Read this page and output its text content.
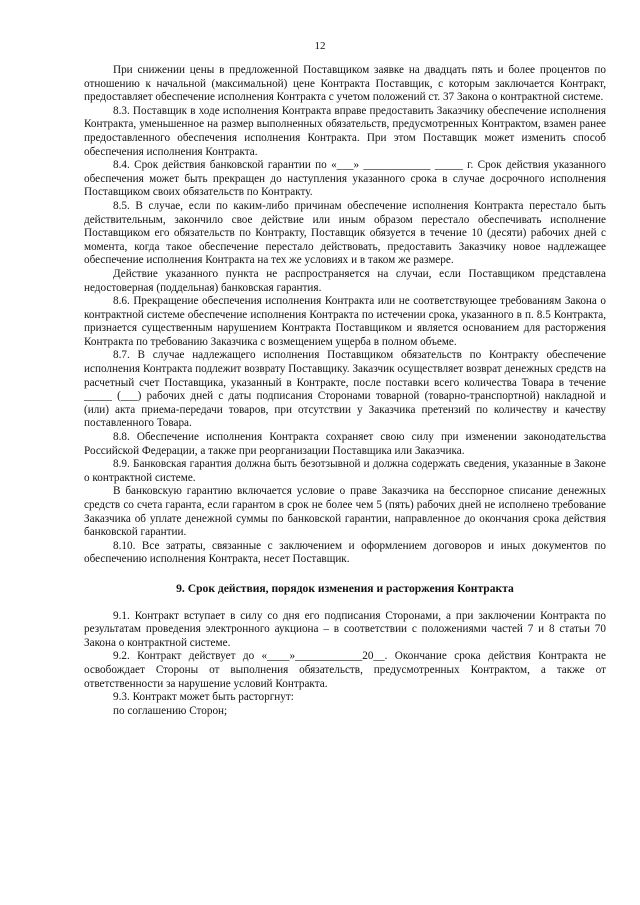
12

При снижении цены в предложенной Поставщиком заявке на двадцать пять и более процентов по отношению к начальной (максимальной) цене Контракта Поставщик, с которым заключается Контракт, предоставляет обеспечение исполнения Контракта с учетом положений ст. 37 Закона о контрактной системе.

8.3. Поставщик в ходе исполнения Контракта вправе предоставить Заказчику обеспечение исполнения Контракта, уменьшенное на размер выполненных обязательств, предусмотренных Контрактом, взамен ранее предоставленного обеспечения исполнения Контракта. При этом Поставщик может изменить способ обеспечения исполнения Контракта.

8.4. Срок действия банковской гарантии по «___» ____________ _____ г. Срок действия указанного обеспечения может быть прекращен до наступления указанного срока в случае досрочного исполнения Поставщиком своих обязательств по Контракту.

8.5. В случае, если по каким-либо причинам обеспечение исполнения Контракта перестало быть действительным, закончило свое действие или иным образом перестало обеспечивать исполнение Поставщиком его обязательств по Контракту, Поставщик обязуется в течение 10 (десяти) рабочих дней с момента, когда такое обеспечение перестало действовать, предоставить Заказчику новое надлежащее обеспечение исполнения Контракта на тех же условиях и в таком же размере.

Действие указанного пункта не распространяется на случаи, если Поставщиком представлена недостоверная (поддельная) банковская гарантия.

8.6. Прекращение обеспечения исполнения Контракта или не соответствующее требованиям Закона о контрактной системе обеспечение исполнения Контракта по истечении срока, указанного в п. 8.5 Контракта, признается существенным нарушением Контракта Поставщиком и является основанием для расторжения Контракта по требованию Заказчика с возмещением ущерба в полном объеме.

8.7. В случае надлежащего исполнения Поставщиком обязательств по Контракту обеспечение исполнения Контракта подлежит возврату Поставщику. Заказчик осуществляет возврат денежных средств на расчетный счет Поставщика, указанный в Контракте, после поставки всего количества Товара в течение _____ (___) рабочих дней с даты подписания Сторонами товарной (товарно-транспортной) накладной и (или) акта приема-передачи товаров, при отсутствии у Заказчика претензий по количеству и качеству поставленного Товара.

8.8. Обеспечение исполнения Контракта сохраняет свою силу при изменении законодательства Российской Федерации, а также при реорганизации Поставщика или Заказчика.

8.9. Банковская гарантия должна быть безотзывной и должна содержать сведения, указанные в Законе о контрактной системе.

В банковскую гарантию включается условие о праве Заказчика на бесспорное списание денежных средств со счета гаранта, если гарантом в срок не более чем 5 (пять) рабочих дней не исполнено требование Заказчика об уплате денежной суммы по банковской гарантии, направленное до окончания срока действия банковской гарантии.

8.10. Все затраты, связанные с заключением и оформлением договоров и иных документов по обеспечению исполнения Контракта, несет Поставщик.

9. Срок действия, порядок изменения и расторжения Контракта

9.1. Контракт вступает в силу со дня его подписания Сторонами, а при заключении Контракта по результатам проведения электронного аукциона – в соответствии с положениями частей 7 и 8 статьи 70 Закона о контрактной системе.

9.2. Контракт действует до «____»____________20__. Окончание срока действия Контракта не освобождает Стороны от выполнения обязательств, предусмотренных Контрактом, а также от ответственности за нарушение условий Контракта.

9.3. Контракт может быть расторгнут:

по соглашению Сторон;
